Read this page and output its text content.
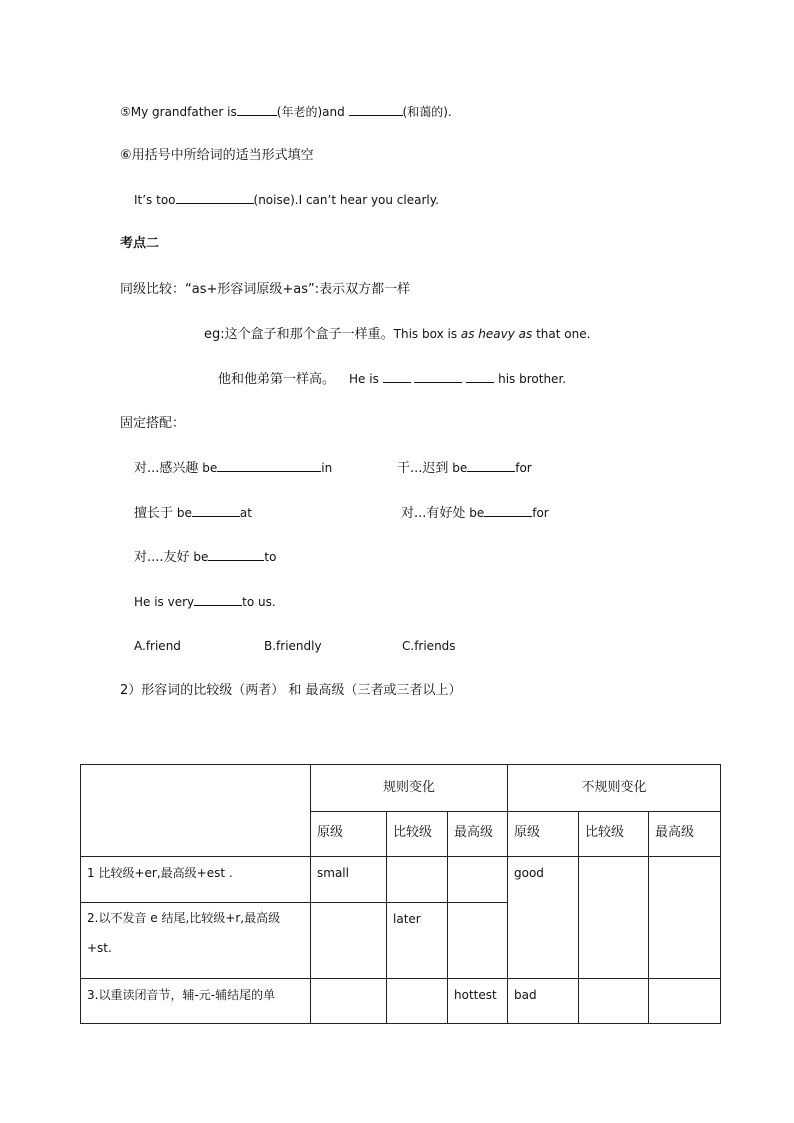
⑤My grandfather is	(年老的)and	(和蔼的).
⑥用括号中所给词的适当形式填空
It’s too	(noise).I can’t hear you clearly.
考点二
同级比较：“as+形容词原级+as”:表示双方都一样
eg:这个盒子和那个盒子一样重。This box is as heavy as that one.
他和他弟第一样高。 He is	his brother.
固定搭配：
对...感兴趣 be	in	干...迟到 be	for
擅长于 be	at	对...有好处 be	for
对....友好 be	to
He is very	to us.
A.friend	B.friendly	C.friends
2）形容词的比较级（两者） 和 最高级（三者或三者以上）
	规则变化			不规则变化		
	原级	比较级	最高级	原级	比较级	最高级
1 比较级+er,最高级+est .	small			good		
2.以不发音 e 结尾,比较级+r,最高级+st.		later				
3.以重读闭音节，辅-元-辅结尾的单			hottest	bad		
